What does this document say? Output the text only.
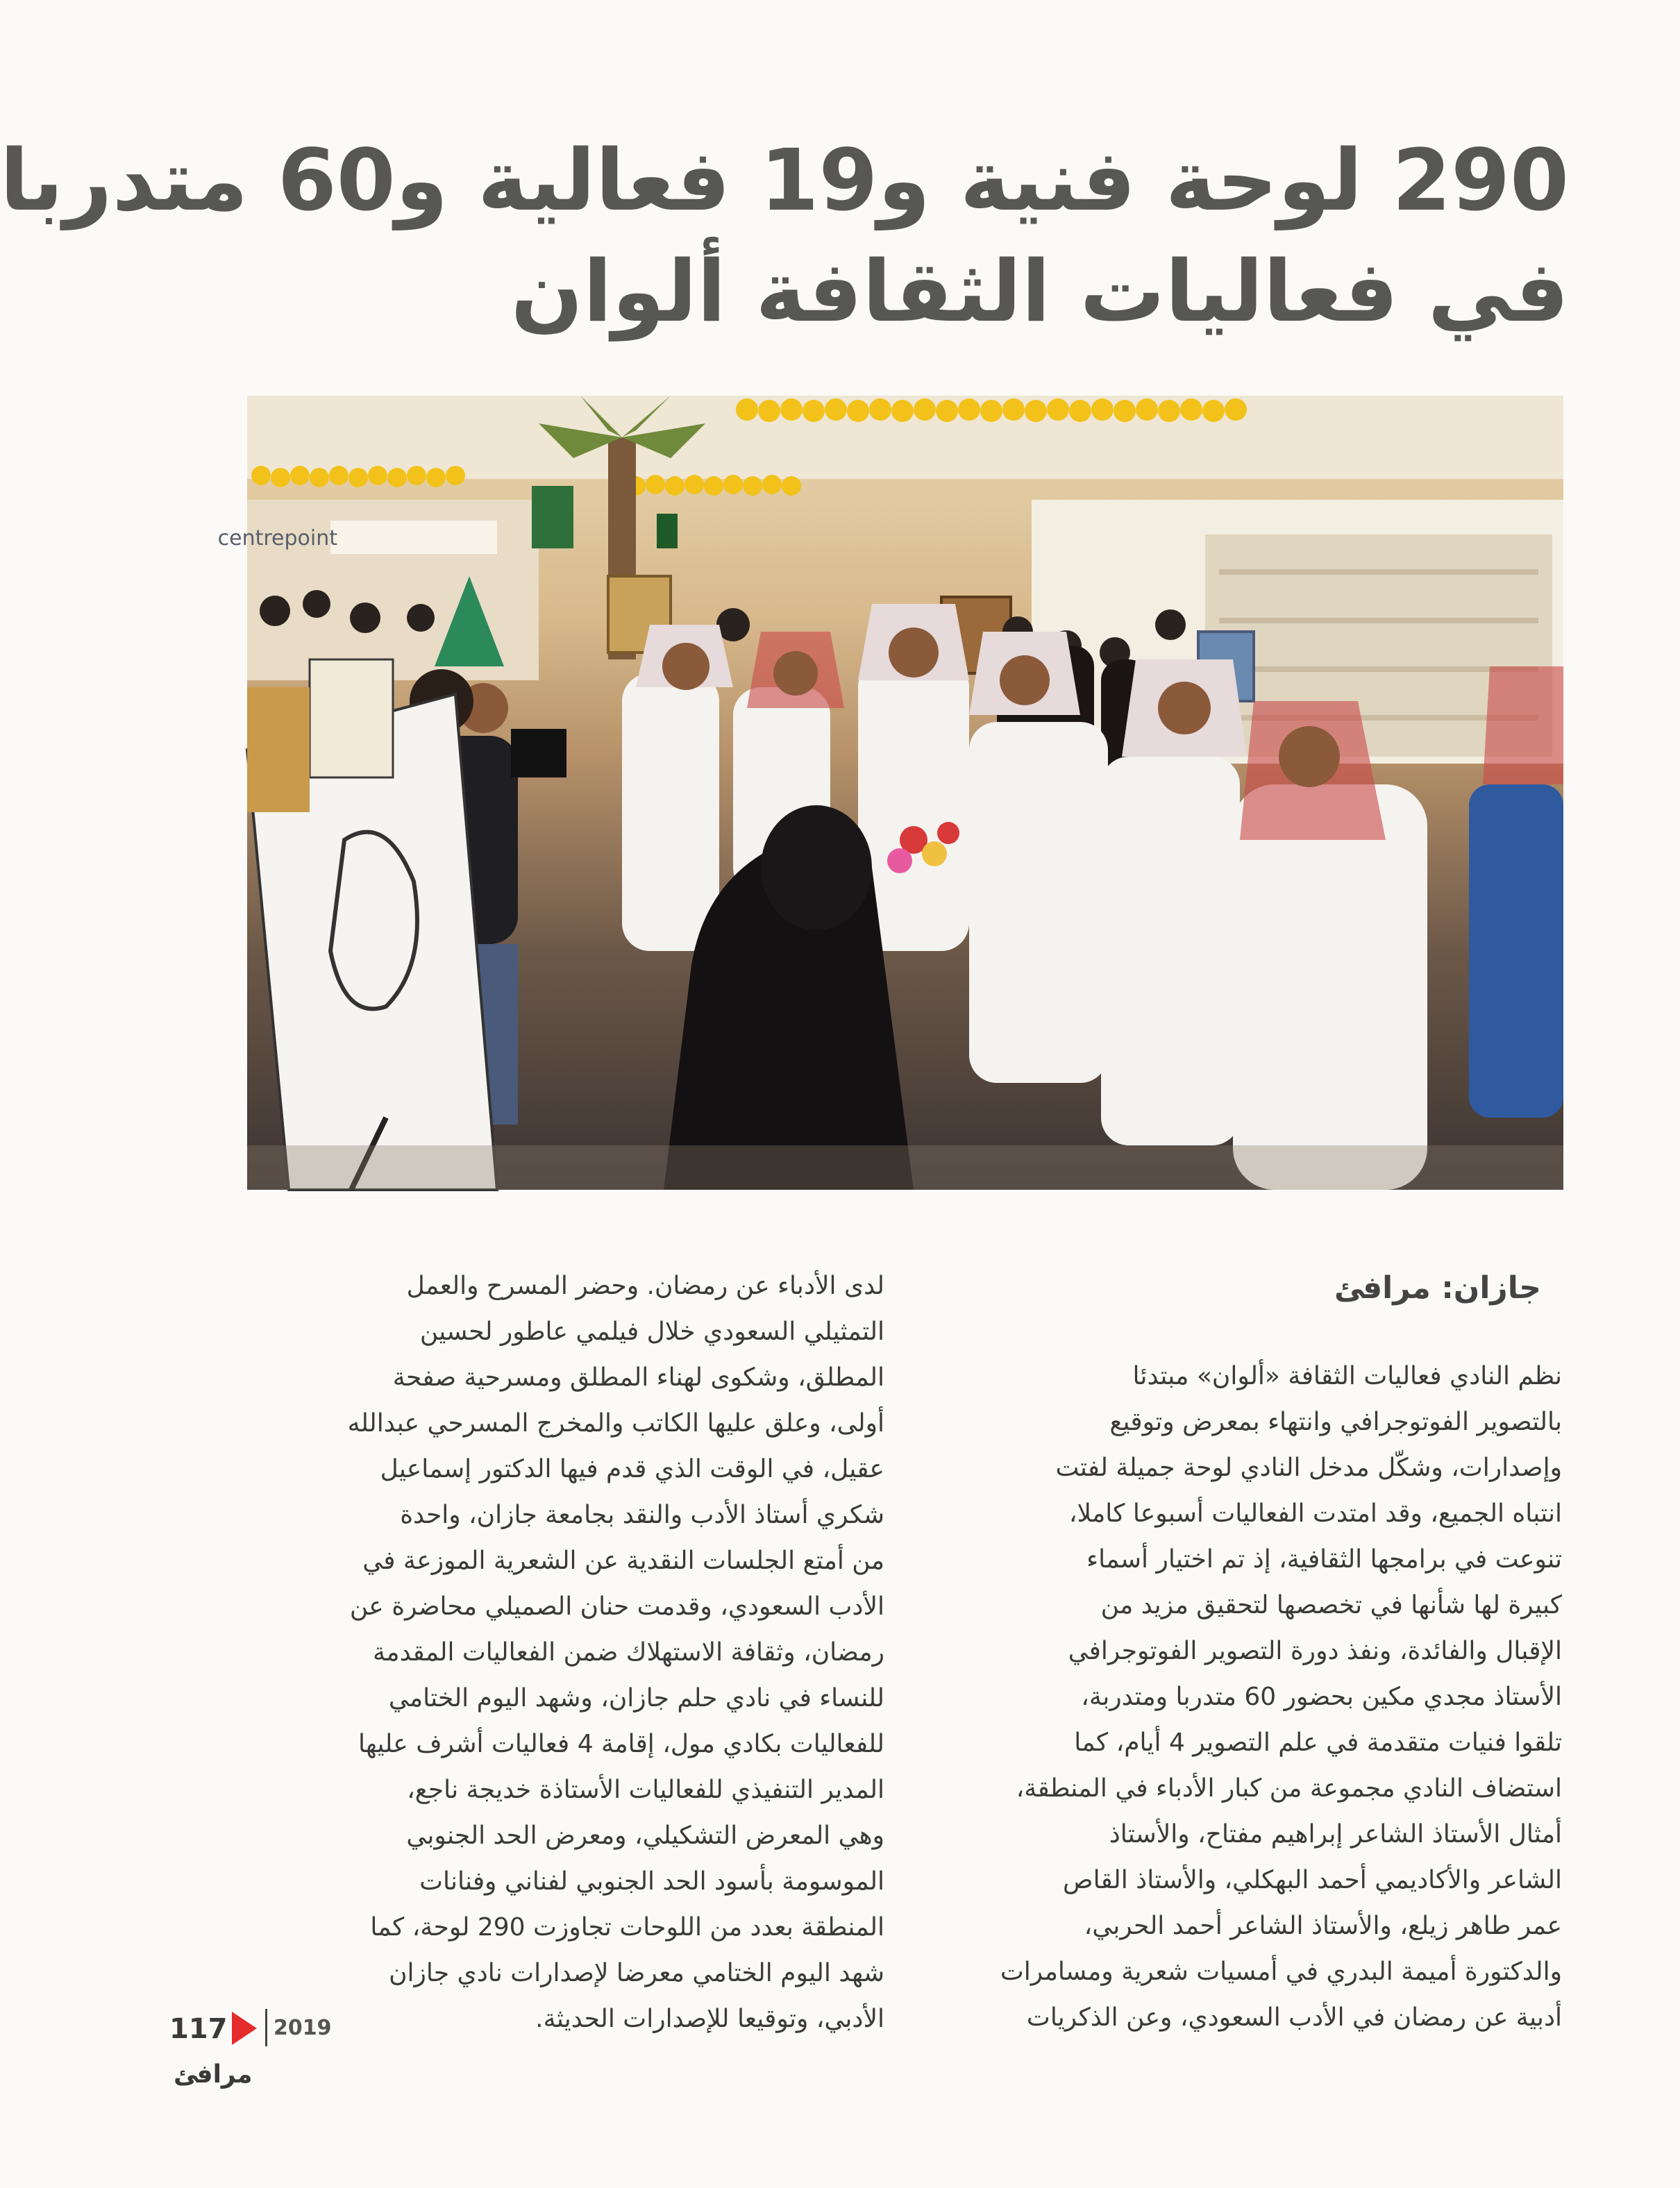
290 لوحة فنية و19 فعالية و60 متدربا
في فعاليات الثقافة ألوان
centrepoint
جازان: مرافئ

نظم النادي فعاليات الثقافة «ألوان» مبتدئا

بالتصوير الفوتوجرافي وانتهاء بمعرض وتوقيع

وإصدارات، وشكّل مدخل النادي لوحة جميلة لفتت

انتباه الجميع، وقد امتدت الفعاليات أسبوعا كاملا،

تنوعت في برامجها الثقافية، إذ تم اختيار أسماء

كبيرة لها شأنها في تخصصها لتحقيق مزيد من

الإقبال والفائدة، ونفذ دورة التصوير الفوتوجرافي

الأستاذ مجدي مكين بحضور 60 متدربا ومتدربة،

تلقوا فنيات متقدمة في علم التصوير 4 أيام، كما

استضاف النادي مجموعة من كبار الأدباء في المنطقة،

أمثال الأستاذ الشاعر إبراهيم مفتاح، والأستاذ

الشاعر والأكاديمي أحمد البهكلي، والأستاذ القاص

عمر طاهر زيلع، والأستاذ الشاعر أحمد الحربي،

والدكتورة أميمة البدري في أمسيات شعرية ومسامرات

أدبية عن رمضان في الأدب السعودي، وعن الذكريات

لدى الأدباء عن رمضان. وحضر المسرح والعمل

التمثيلي السعودي خلال فيلمي عاطور لحسين

المطلق، وشكوى لهناء المطلق ومسرحية صفحة

أولى، وعلق عليها الكاتب والمخرج المسرحي عبدالله

عقيل، في الوقت الذي قدم فيها الدكتور إسماعيل

شكري أستاذ الأدب والنقد بجامعة جازان، واحدة

من أمتع الجلسات النقدية عن الشعرية الموزعة في

الأدب السعودي، وقدمت حنان الصميلي محاضرة عن

رمضان، وثقافة الاستهلاك ضمن الفعاليات المقدمة

للنساء في نادي حلم جازان، وشهد اليوم الختامي

للفعاليات بكادي مول، إقامة 4 فعاليات أشرف عليها

المدير التنفيذي للفعاليات الأستاذة خديجة ناجع،

وهي المعرض التشكيلي، ومعرض الحد الجنوبي

الموسومة بأسود الحد الجنوبي لفناني وفنانات

المنطقة بعدد من اللوحات تجاوزت 290 لوحة، كما

شهد اليوم الختامي معرضا لإصدارات نادي جازان

الأدبي، وتوقيعا للإصدارات الحديثة.

117 2019
مرافئ
